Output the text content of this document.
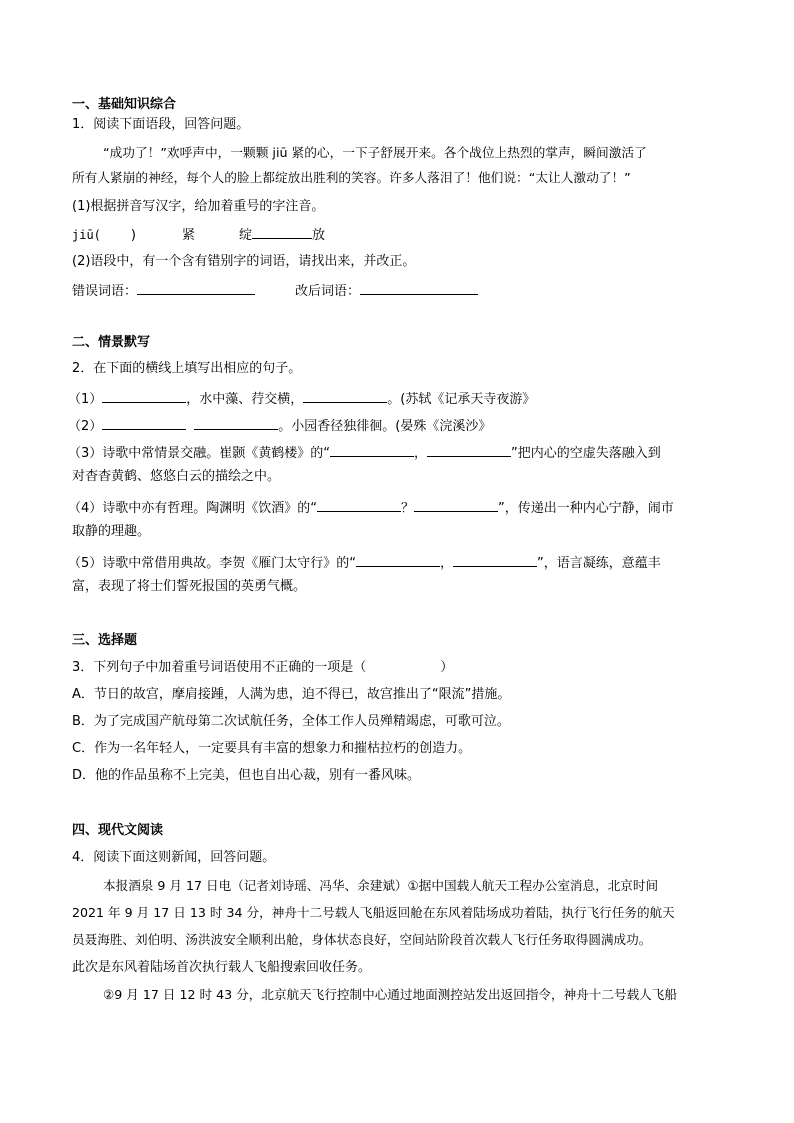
一、基础知识综合
1．阅读下面语段，回答问题。
“成功了！”欢呼声中，一颗颗 jiū 紧的心，一下子舒展开来。各个战位上热烈的掌声，瞬间激活了
所有人紧崩的神经，每个人的脸上都绽放出胜利的笑容。许多人落泪了！他们说：“太让人激动了！”
(1)根据拼音写汉字，给加着重号的字注音。
jiū( )	紧	绽	放
(2)语段中，有一个含有错别字的词语，请找出来，并改正。
错误词语：	改后词语：
二、情景默写
2．在下面的横线上填写出相应的句子。
（1）	，水中藻、荇交横，	。(苏轼《记承天寺夜游》
（2）	。小园香径独徘徊。(晏殊《浣溪沙》
（3）诗歌中常情景交融。崔颢《黄鹤楼》的“	，	”把内心的空虚失落融入到
对杳杳黄鹤、悠悠白云的描绘之中。
（4）诗歌中亦有哲理。陶渊明《饮酒》的“	？	”，传递出一种内心宁静，闹市
取静的理趣。
（5）诗歌中常借用典故。李贺《雁门太守行》的“	，	”，语言凝练，意蕴丰
富，表现了将士们誓死报国的英勇气概。
三、选择题
3．下列句子中加着重号词语使用不正确的一项是（	）
A．节日的故宫，摩肩接踵，人满为患，迫不得已，故宫推出了“限流”措施。
B．为了完成国产航母第二次试航任务，全体工作人员殚精竭虑，可歌可泣。
C．作为一名年轻人，一定要具有丰富的想象力和摧枯拉朽的创造力。
D．他的作品虽称不上完美，但也自出心裁，别有一番风味。
四、现代文阅读
4．阅读下面这则新闻，回答问题。
本报酒泉 9 月 17 日电（记者刘诗瑶、冯华、余建斌）①据中国载人航天工程办公室消息，北京时间
2021 年 9 月 17 日 13 时 34 分，神舟十二号载人飞船返回舱在东风着陆场成功着陆，执行飞行任务的航天
员聂海胜、刘伯明、汤洪波安全顺利出舱，身体状态良好，空间站阶段首次载人飞行任务取得圆满成功。
此次是东风着陆场首次执行载人飞船搜索回收任务。
②9 月 17 日 12 时 43 分，北京航天飞行控制中心通过地面测控站发出返回指令，神舟十二号载人飞船
